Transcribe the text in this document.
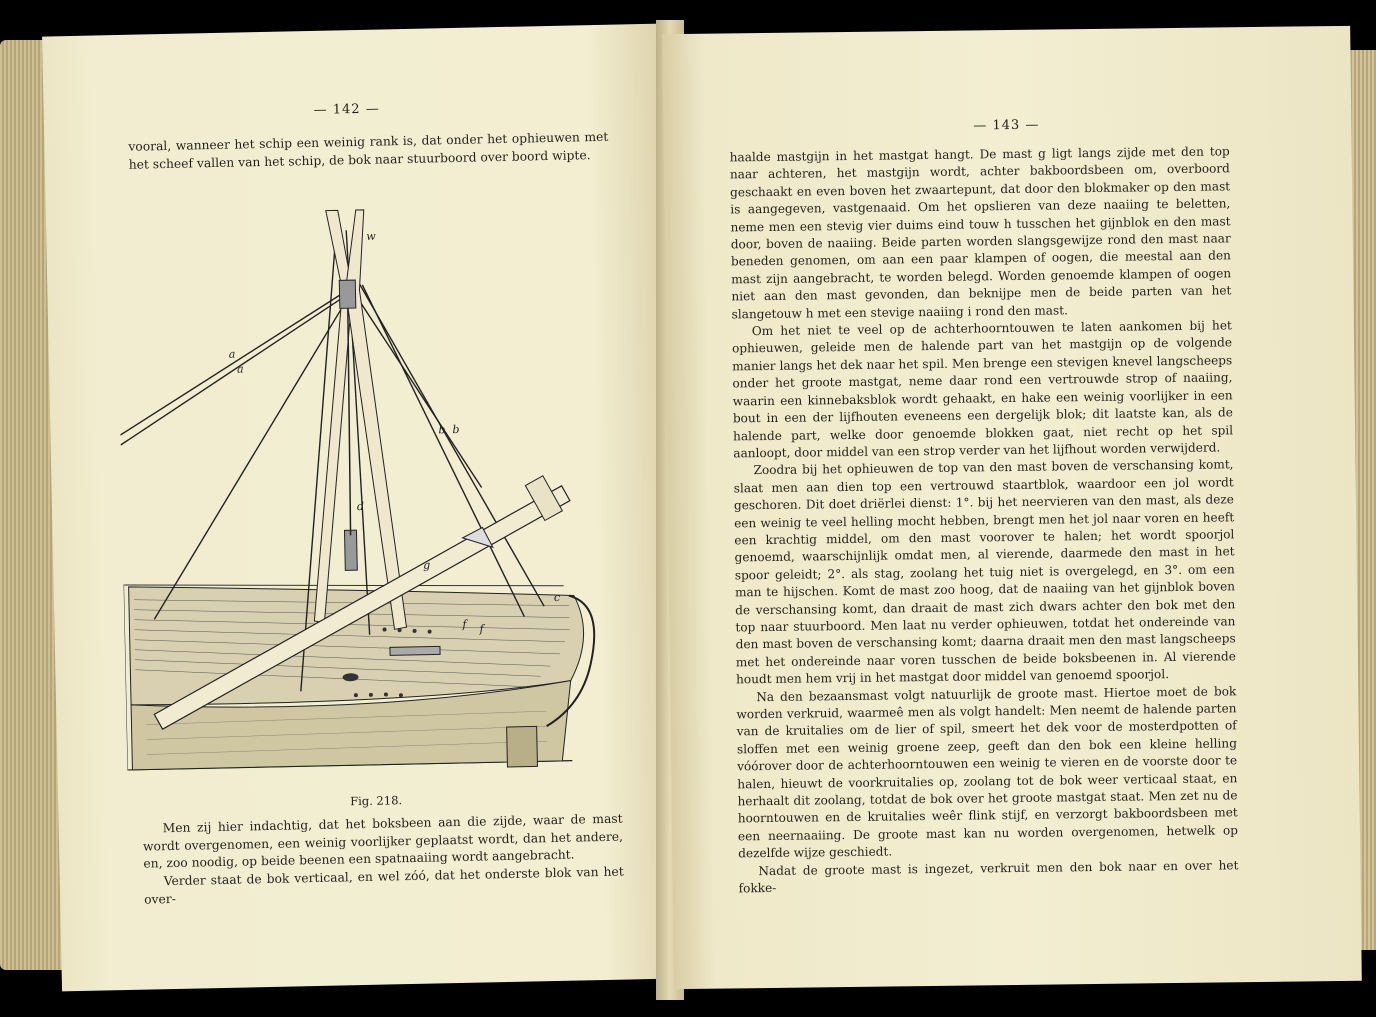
— 142 —

vooral, wanneer het schip een weinig rank is, dat onder het ophieuwen met het scheef vallen van het schip, de bok naar stuurboord over boord wipte.

a
a
b b
d
g
c
f f
w
Fig. 218.

Men zij hier indachtig, dat het boksbeen aan die zijde, waar de mast wordt overgenomen, een weinig voorlijker geplaatst wordt, dan het andere, en, zoo noodig, op beide beenen een spatnaaiing wordt aangebracht.

Verder staat de bok verticaal, en wel zóó, dat het onderste blok van het over-

— 143 —

haalde mastgijn in het mastgat hangt. De mast g ligt langs zijde met den top naar achteren, het mastgijn wordt, achter bakboordsbeen om, overboord geschaakt en even boven het zwaartepunt, dat door den blokmaker op den mast is aangegeven, vastgenaaid. Om het opslieren van deze naaiing te beletten, neme men een stevig vier duims eind touw h tusschen het gijnblok en den mast door, boven de naaiing. Beide parten worden slangsgewijze rond den mast naar beneden genomen, om aan een paar klampen of oogen, die meestal aan den mast zijn aangebracht, te worden belegd. Worden genoemde klampen of oogen niet aan den mast gevonden, dan beknijpe men de beide parten van het slangetouw h met een stevige naaiing i rond den mast.

Om het niet te veel op de achterhoorntouwen te laten aankomen bij het ophieuwen, geleide men de halende part van het mastgijn op de volgende manier langs het dek naar het spil. Men brenge een stevigen knevel langscheeps onder het groote mastgat, neme daar rond een vertrouwde strop of naaiing, waarin een kinnebaksblok wordt gehaakt, en hake een weinig voorlijker in een bout in een der lijfhouten eveneens een dergelijk blok; dit laatste kan, als de halende part, welke door genoemde blokken gaat, niet recht op het spil aanloopt, door middel van een strop verder van het lijfhout worden verwijderd.

Zoodra bij het ophieuwen de top van den mast boven de verschansing komt, slaat men aan dien top een vertrouwd staartblok, waardoor een jol wordt geschoren. Dit doet driërlei dienst: 1°. bij het neervieren van den mast, als deze een weinig te veel helling mocht hebben, brengt men het jol naar voren en heeft een krachtig middel, om den mast voorover te halen; het wordt spoorjol genoemd, waarschijnlijk omdat men, al vierende, daarmede den mast in het spoor geleidt; 2°. als stag, zoolang het tuig niet is overgelegd, en 3°. om een man te hijschen. Komt de mast zoo hoog, dat de naaiing van het gijnblok boven de verschansing komt, dan draait de mast zich dwars achter den bok met den top naar stuurboord. Men laat nu verder ophieuwen, totdat het ondereinde van den mast boven de verschansing komt; daarna draait men den mast langscheeps met het ondereinde naar voren tusschen de beide boksbeenen in. Al vierende houdt men hem vrij in het mastgat door middel van genoemd spoorjol.

Na den bezaansmast volgt natuurlijk de groote mast. Hiertoe moet de bok worden verkruid, waarmeê men als volgt handelt: Men neemt de halende parten van de kruitalies om de lier of spil, smeert het dek voor de mosterdpotten of sloffen met een weinig groene zeep, geeft dan den bok een kleine helling vóórover door de achterhoorntouwen een weinig te vieren en de voorste door te halen, hieuwt de voorkruitalies op, zoolang tot de bok weer verticaal staat, en herhaalt dit zoolang, totdat de bok over het groote mastgat staat. Men zet nu de hoorntouwen en de kruitalies weêr flink stijf, en verzorgt bakboordsbeen met een neernaaiing. De groote mast kan nu worden overgenomen, hetwelk op dezelfde wijze geschiedt.

Nadat de groote mast is ingezet, verkruit men den bok naar en over het fokke-
